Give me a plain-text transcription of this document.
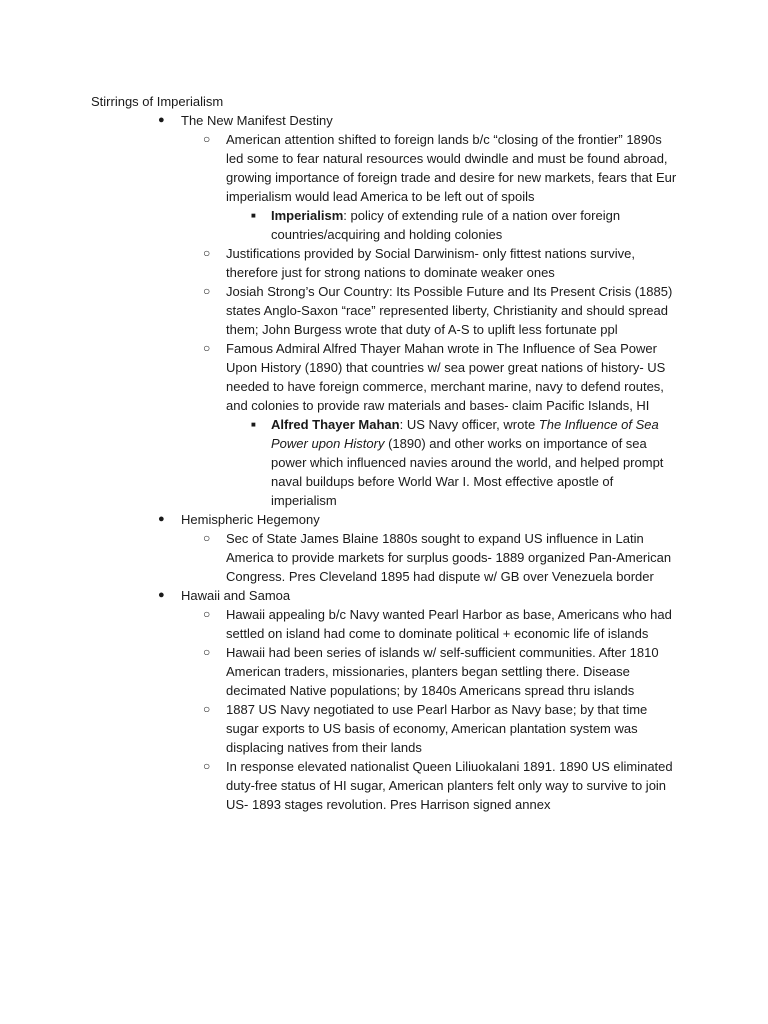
Stirrings of Imperialism
● The New Manifest Destiny
○ American attention shifted to foreign lands b/c “closing of the frontier” 1890s led some to fear natural resources would dwindle and must be found abroad, growing importance of foreign trade and desire for new markets, fears that Eur imperialism would lead America to be left out of spoils
■ Imperialism: policy of extending rule of a nation over foreign countries/acquiring and holding colonies
○ Justifications provided by Social Darwinism- only fittest nations survive, therefore just for strong nations to dominate weaker ones
○ Josiah Strong’s Our Country: Its Possible Future and Its Present Crisis (1885) states Anglo-Saxon “race” represented liberty, Christianity and should spread them; John Burgess wrote that duty of A-S to uplift less fortunate ppl
○ Famous Admiral Alfred Thayer Mahan wrote in The Influence of Sea Power Upon History (1890) that countries w/ sea power great nations of history- US needed to have foreign commerce, merchant marine, navy to defend routes, and colonies to provide raw materials and bases- claim Pacific Islands, HI
■ Alfred Thayer Mahan: US Navy officer, wrote The Influence of Sea Power upon History (1890) and other works on importance of sea power which influenced navies around the world, and helped prompt naval buildups before World War I. Most effective apostle of imperialism
● Hemispheric Hegemony
○ Sec of State James Blaine 1880s sought to expand US influence in Latin America to provide markets for surplus goods- 1889 organized Pan-American Congress. Pres Cleveland 1895 had dispute w/ GB over Venezuela border
● Hawaii and Samoa
○ Hawaii appealing b/c Navy wanted Pearl Harbor as base, Americans who had settled on island had come to dominate political + economic life of islands
○ Hawaii had been series of islands w/ self-sufficient communities. After 1810 American traders, missionaries, planters began settling there. Disease decimated Native populations; by 1840s Americans spread thru islands
○ 1887 US Navy negotiated to use Pearl Harbor as Navy base; by that time sugar exports to US basis of economy, American plantation system was displacing natives from their lands
○ In response elevated nationalist Queen Liliuokalani 1891. 1890 US eliminated duty-free status of HI sugar, American planters felt only way to survive to join US- 1893 stages revolution. Pres Harrison signed annex
